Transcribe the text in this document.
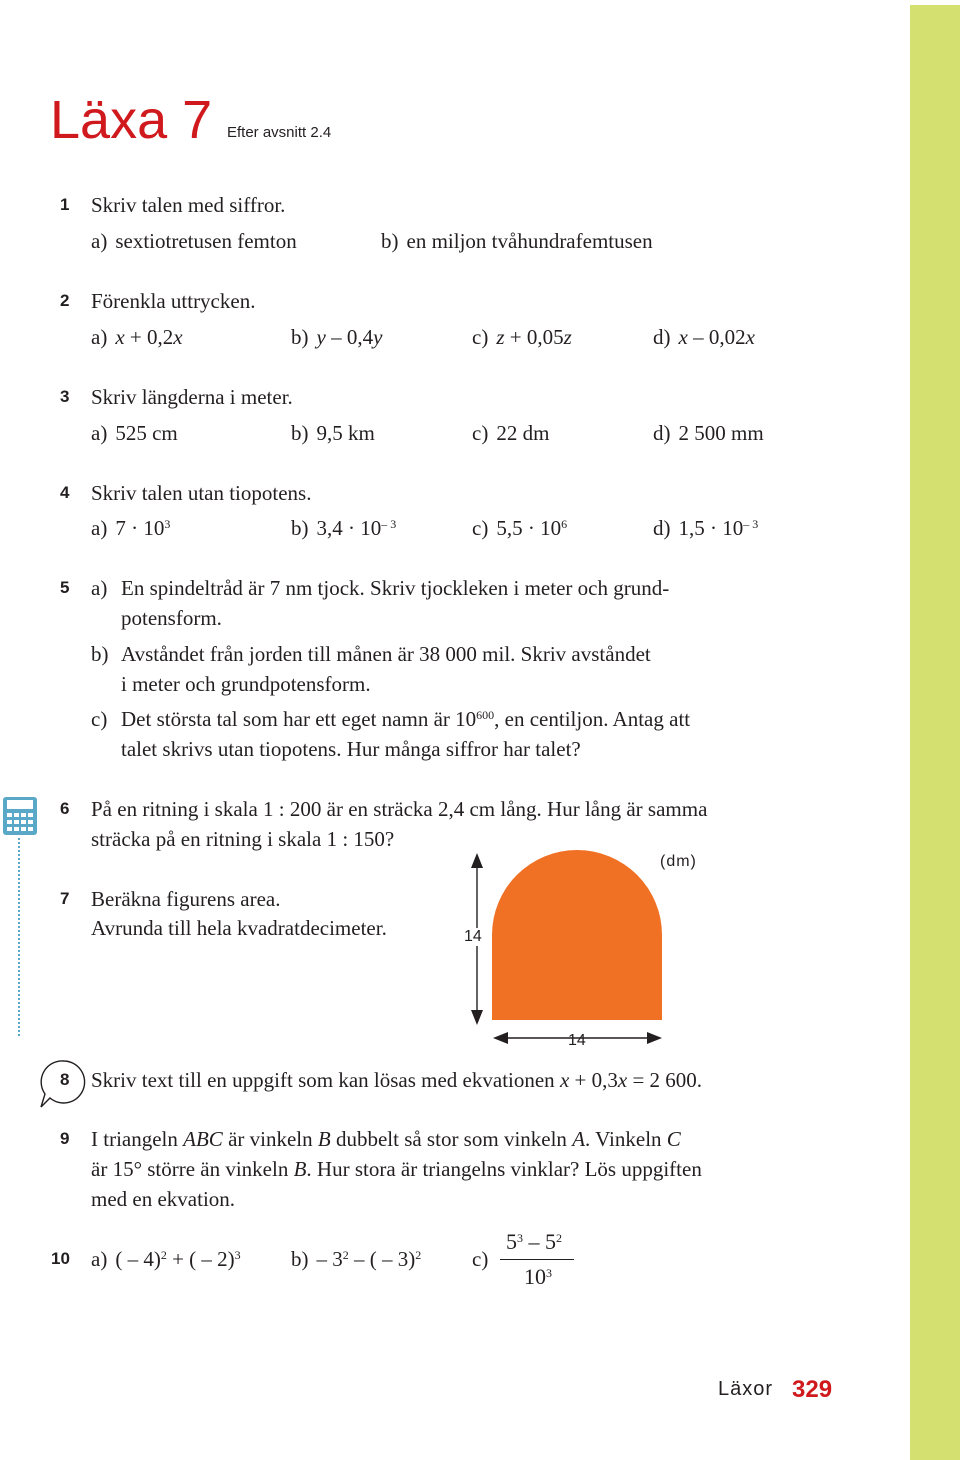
Läxa 7 Efter avsnitt 2.4
1 Skriv talen med siffror.
a) sextiotretusen femton	b) en miljon tvåhundrafemtusen
2 Förenkla uttrycken.
a) x + 0,2x	b) y – 0,4y	c) z + 0,05z	d) x – 0,02x
3 Skriv längderna i meter.
a) 525 cm	b) 9,5 km	c) 22 dm	d) 2 500 mm
4 Skriv talen utan tiopotens.
a) $7 \cdot 10^3$	b) $3,4 \cdot 10^{- 3}$	c) $5,5 \cdot 10^6$	d) $1,5 \cdot 10^{- 3}$
5 a) En spindeltråd är 7 nm tjock. Skriv tjockleken i meter och grund-
potensform.
b) Avståndet från jorden till månen är 38 000 mil. Skriv avståndet
i meter och grundpotensform.
c) Det största tal som har ett eget namn är $10^{600}$, en centiljon. Antag att
talet skrivs utan tiopotens. Hur många siffror har talet?
6 På en ritning i skala 1 : 200 är en sträcka 2,4 cm lång. Hur lång är samma
sträcka på en ritning i skala 1 : 150?
7 Beräkna figurens area.
Avrunda till hela kvadratdecimeter.
(dm)
14
14
8 Skriv text till en uppgift som kan lösas med ekvationen x + 0,3x = 2 600.
9 I triangeln ABC är vinkeln B dubbelt så stor som vinkeln A. Vinkeln C
är 15° större än vinkeln B. Hur stora är triangelns vinklar? Lös uppgiften
med en ekvation.
10 a) ( – 4)$^2$ + ( – 2)$^3$ $b) - 3^2$ – ( – 3)$^2$ c)
$5^3 - 5^2$
$10^3$
Läxor 329
